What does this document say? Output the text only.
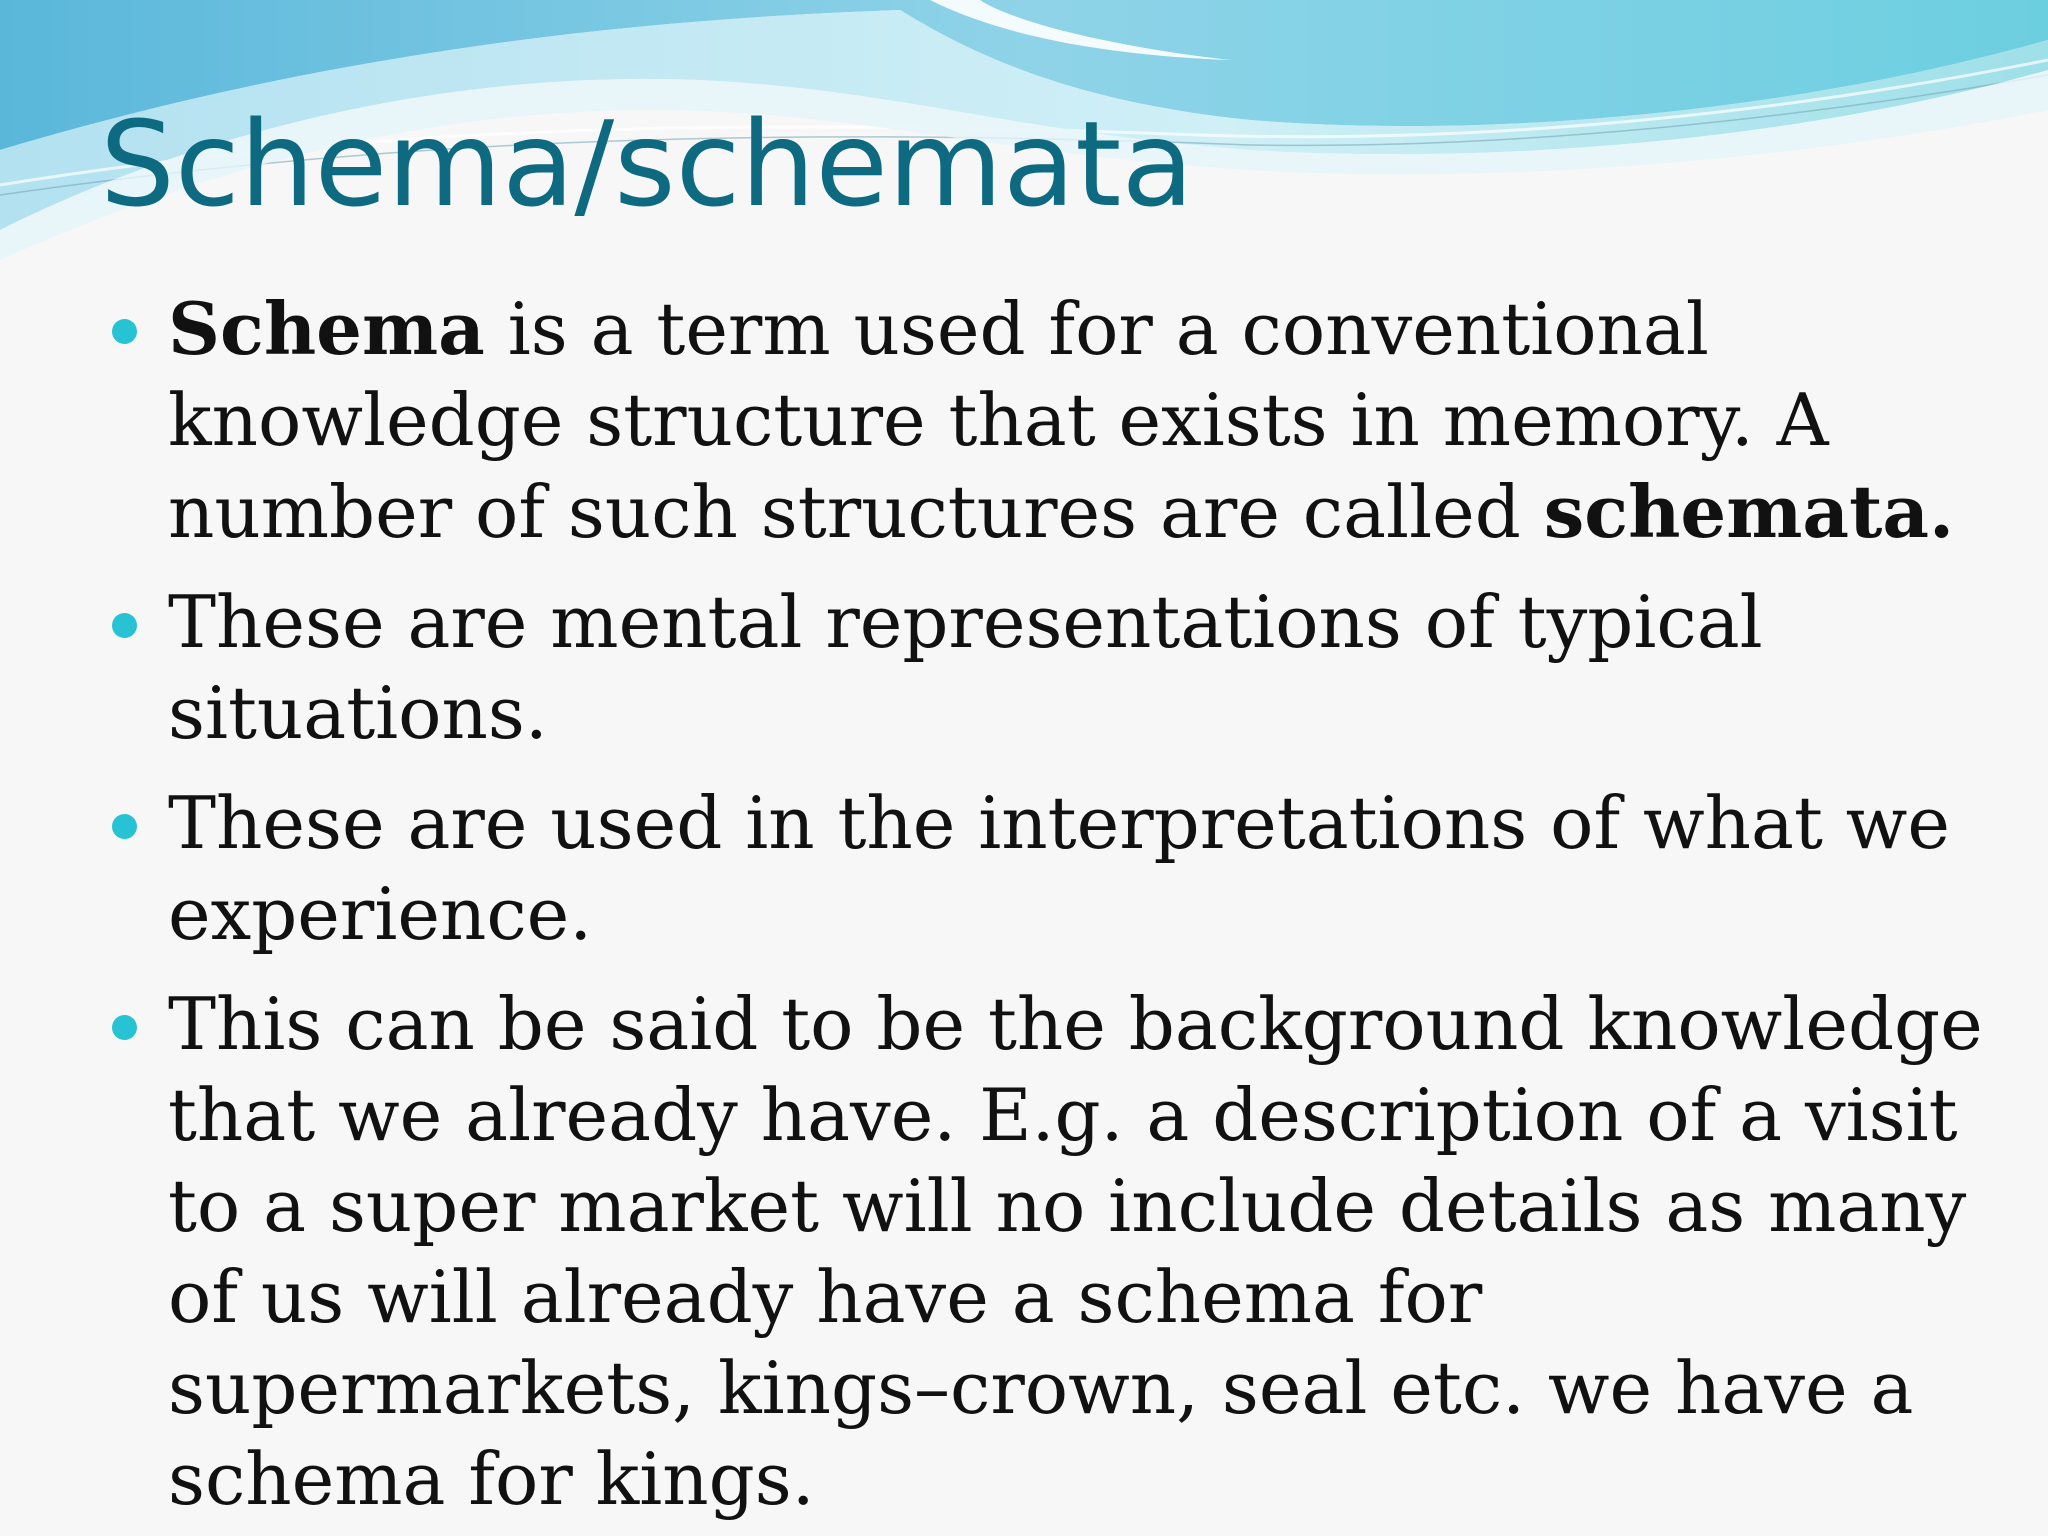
Schema/schemata
Schema is a term used for a conventional knowledge structure that exists in memory. A number of such structures are called schemata.
These are mental representations of typical situations.
These are used in the interpretations of what we experience.
This can be said to be the background knowledge that we already have. E.g. a description of a visit to a super market will no include details as many of us will already have a schema for supermarkets, kings–crown, seal etc. we have a schema for kings.
